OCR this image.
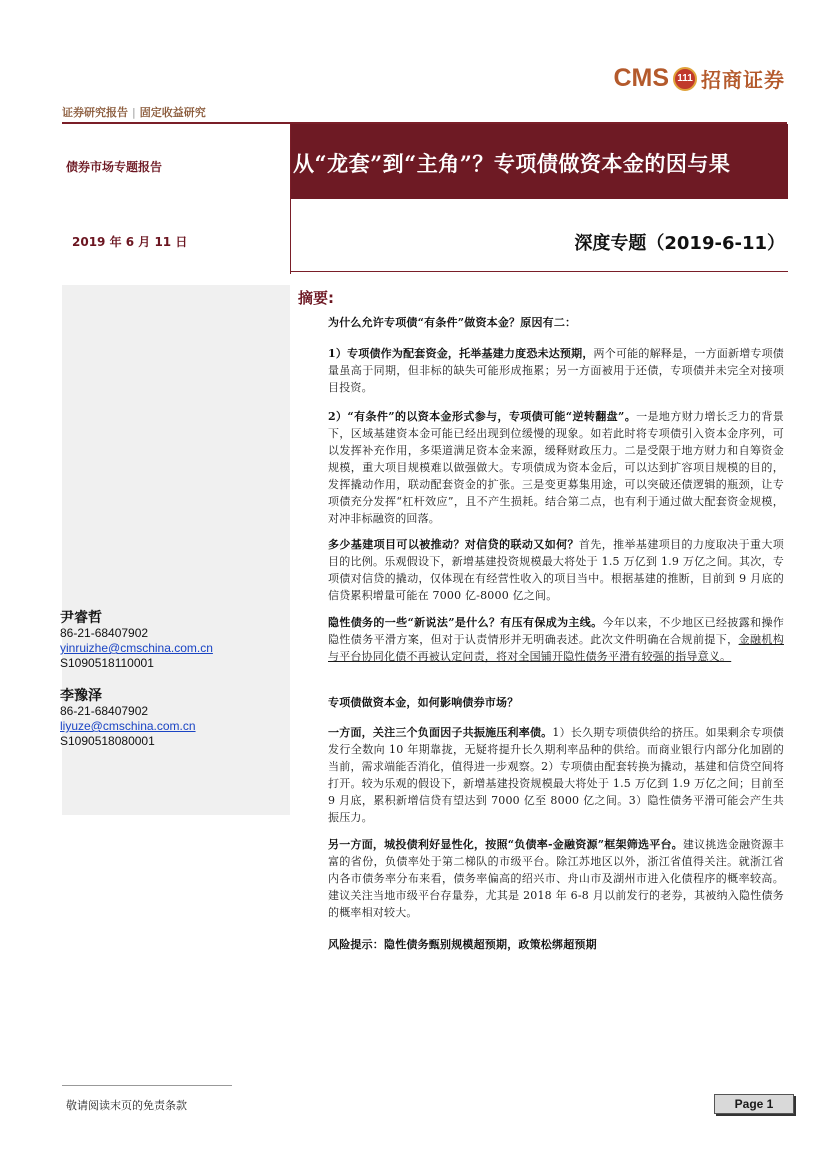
CMS 111 招商证券
证券研究报告 | 固定收益研究
债券市场专题报告
2019 年 6 月 11 日
从“龙套”到“主角”？专项债做资本金的因与果
深度专题（2019-6-11）
尹睿哲
86-21-68407902
yinruizhe@cmschina.com.cn
S1090518110001
李豫泽
86-21-68407902
liyuze@cmschina.com.cn
S1090518080001
摘要:
为什么允许专项债“有条件”做资本金？原因有二：
1）专项债作为配套资金，托举基建力度恐未达预期，两个可能的解释是，一方面新增专项债量虽高于同期，但非标的缺失可能形成拖累；另一方面被用于还债，专项债并未完全对接项目投资。
2）“有条件”的以资本金形式参与，专项债可能“逆转翻盘”。一是地方财力增长乏力的背景下，区域基建资本金可能已经出现到位缓慢的现象。如若此时将专项债引入资本金序列，可以发挥补充作用，多渠道满足资本金来源，缓释财政压力。二是受限于地方财力和自筹资金规模，重大项目规模难以做强做大。专项债成为资本金后，可以达到扩容项目规模的目的，发挥撬动作用，联动配套资金的扩张。三是变更募集用途，可以突破还债逻辑的瓶颈，让专项债充分发挥“杠杆效应”，且不产生损耗。结合第二点，也有利于通过做大配套资金规模，对冲非标融资的回落。
多少基建项目可以被推动？对信贷的联动又如何？首先，推举基建项目的力度取决于重大项目的比例。乐观假设下，新增基建投资规模最大将处于 1.5 万亿到 1.9 万亿之间。其次，专项债对信贷的撬动，仅体现在有经营性收入的项目当中。根据基建的推断，目前到 9 月底的信贷累积增量可能在 7000 亿-8000 亿之间。
隐性债务的一些“新说法”是什么？有压有保成为主线。今年以来，不少地区已经披露和操作隐性债务平滑方案，但对于认责情形并无明确表述。此次文件明确在合规前提下，金融机构与平台协同化债不再被认定问责，将对全国铺开隐性债务平滑有较强的指导意义。
专项债做资本金，如何影响债券市场？
一方面，关注三个负面因子共振施压利率债。1）长久期专项债供给的挤压。如果剩余专项债发行全数向 10 年期靠拢，无疑将提升长久期利率品种的供给。而商业银行内部分化加剧的当前，需求端能否消化，值得进一步观察。2）专项债由配套转换为撬动，基建和信贷空间将打开。较为乐观的假设下，新增基建投资规模最大将处于 1.5 万亿到 1.9 万亿之间；目前至 9 月底，累积新增信贷有望达到 7000 亿至 8000 亿之间。3）隐性债务平滑可能会产生共振压力。
另一方面，城投债利好显性化，按照“负债率-金融资源”框架筛选平台。建议挑选金融资源丰富的省份，负债率处于第二梯队的市级平台。除江苏地区以外，浙江省值得关注。就浙江省内各市债务率分布来看，债务率偏高的绍兴市、舟山市及湖州市进入化债程序的概率较高。建议关注当地市级平台存量券，尤其是 2018 年 6-8 月以前发行的老券，其被纳入隐性债务的概率相对较大。
风险提示：隐性债务甄别规模超预期，政策松绑超预期
敬请阅读末页的免责条款	Page 1
